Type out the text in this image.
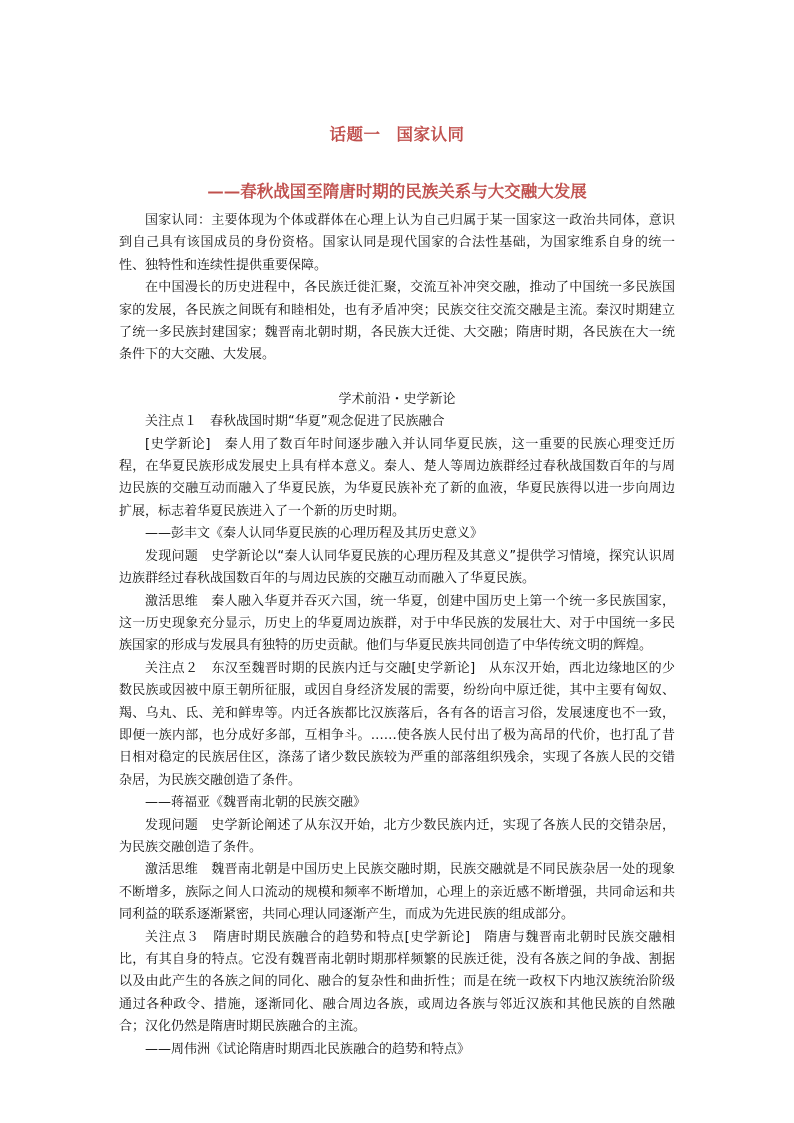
话题一 国家认同
——春秋战国至隋唐时期的民族关系与大交融大发展

国家认同：主要体现为个体或群体在心理上认为自己归属于某一国家这一政治共同体，意识到自己具有该国成员的身份资格。国家认同是现代国家的合法性基础，为国家维系自身的统一性、独特性和连续性提供重要保障。

在中国漫长的历史进程中，各民族迁徙汇聚，交流互补冲突交融，推动了中国统一多民族国家的发展，各民族之间既有和睦相处，也有矛盾冲突；民族交往交流交融是主流。秦汉时期建立了统一多民族封建国家；魏晋南北朝时期，各民族大迁徙、大交融；隋唐时期，各民族在大一统条件下的大交融、大发展。

学术前沿・史学新论

关注点１　春秋战国时期“华夏”观念促进了民族融合

[史学新论]　秦人用了数百年时间逐步融入并认同华夏民族，这一重要的民族心理变迁历程，在华夏民族形成发展史上具有样本意义。秦人、楚人等周边族群经过春秋战国数百年的与周边民族的交融互动而融入了华夏民族，为华夏民族补充了新的血液，华夏民族得以进一步向周边扩展，标志着华夏民族进入了一个新的历史时期。

——彭丰文《秦人认同华夏民族的心理历程及其历史意义》

发现问题　史学新论以“秦人认同华夏民族的心理历程及其意义”提供学习情境，探究认识周边族群经过春秋战国数百年的与周边民族的交融互动而融入了华夏民族。

激活思维　秦人融入华夏并吞灭六国，统一华夏，创建中国历史上第一个统一多民族国家，这一历史现象充分显示，历史上的华夏周边族群，对于中华民族的发展壮大、对于中国统一多民族国家的形成与发展具有独特的历史贡献。他们与华夏民族共同创造了中华传统文明的辉煌。

关注点２　东汉至魏晋时期的民族内迁与交融[史学新论]　从东汉开始，西北边缘地区的少数民族或因被中原王朝所征服，或因自身经济发展的需要，纷纷向中原迁徙，其中主要有匈奴、羯、乌丸、氐、羌和鲜卑等。内迁各族都比汉族落后，各有各的语言习俗，发展速度也不一致，即便一族内部，也分成好多部，互相争斗。……使各族人民付出了极为高昂的代价，也打乱了昔日相对稳定的民族居住区，涤荡了诸少数民族较为严重的部落组织残余，实现了各族人民的交错杂居，为民族交融创造了条件。

——蒋福亚《魏晋南北朝的民族交融》

发现问题　史学新论阐述了从东汉开始，北方少数民族内迁，实现了各族人民的交错杂居，为民族交融创造了条件。

激活思维　魏晋南北朝是中国历史上民族交融时期，民族交融就是不同民族杂居一处的现象不断增多，族际之间人口流动的规模和频率不断增加，心理上的亲近感不断增强，共同命运和共同利益的联系逐渐紧密，共同心理认同逐渐产生，而成为先进民族的组成部分。

关注点３　隋唐时期民族融合的趋势和特点[史学新论]　隋唐与魏晋南北朝时民族交融相比，有其自身的特点。它没有魏晋南北朝时期那样频繁的民族迁徙，没有各族之间的争战、割据以及由此产生的各族之间的同化、融合的复杂性和曲折性；而是在统一政权下内地汉族统治阶级通过各种政令、措施，逐渐同化、融合周边各族，或周边各族与邻近汉族和其他民族的自然融合；汉化仍然是隋唐时期民族融合的主流。

——周伟洲《试论隋唐时期西北民族融合的趋势和特点》
